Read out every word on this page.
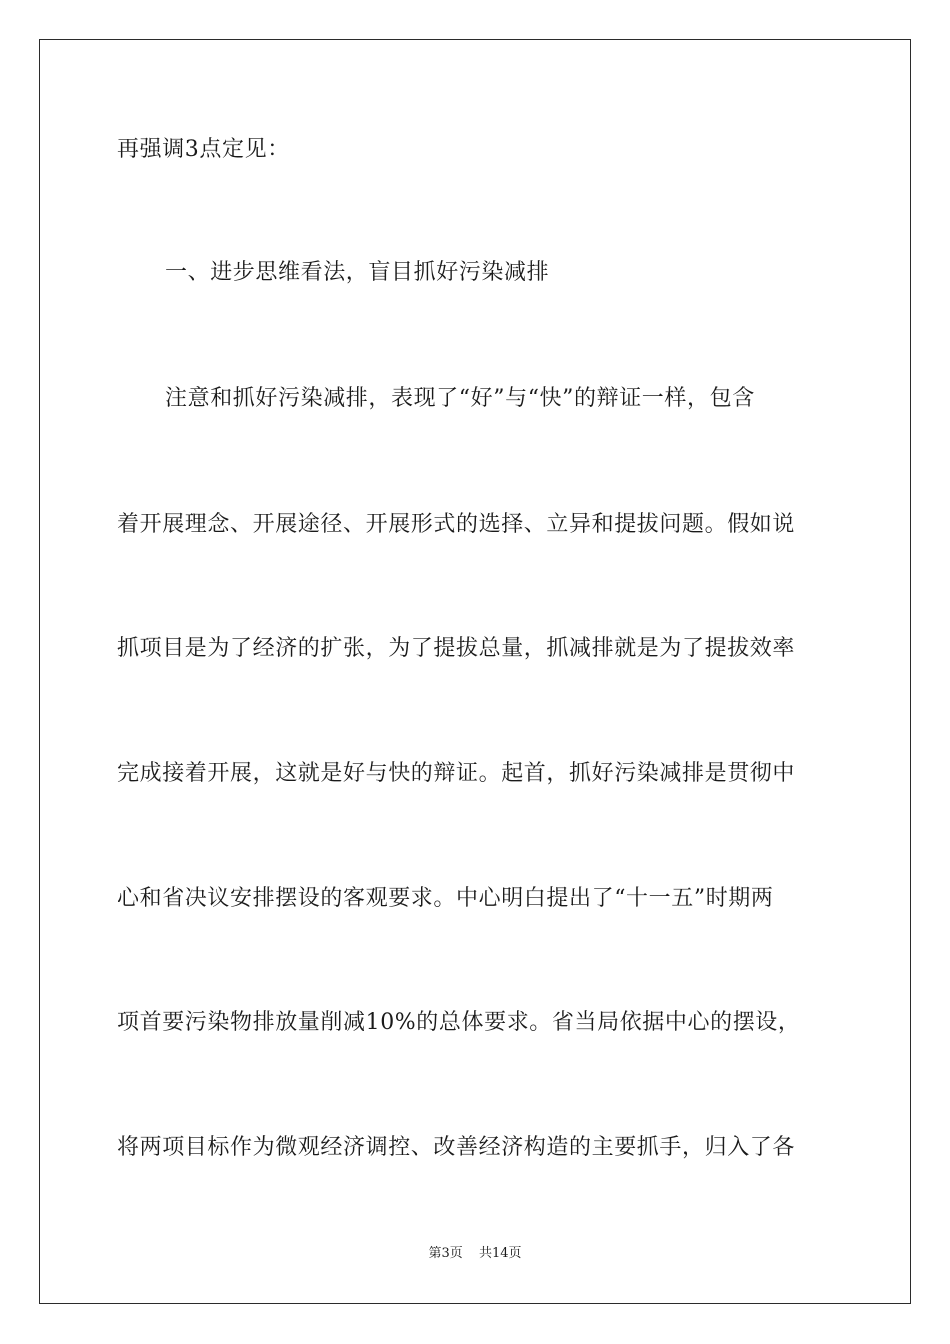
再强调3点定见：
一、进步思维看法，盲目抓好污染减排
注意和抓好污染减排，表现了“好”与“快”的辩证一样，包含
着开展理念、开展途径、开展形式的选择、立异和提拔问题。假如说
抓项目是为了经济的扩张，为了提拔总量，抓减排就是为了提拔效率
完成接着开展，这就是好与快的辩证。起首，抓好污染减排是贯彻中
心和省决议安排摆设的客观要求。中心明白提出了“十一五”时期两
项首要污染物排放量削减10%的总体要求。省当局依据中心的摆设，
将两项目标作为微观经济调控、改善经济构造的主要抓手，归入了各
第3页 共14页
